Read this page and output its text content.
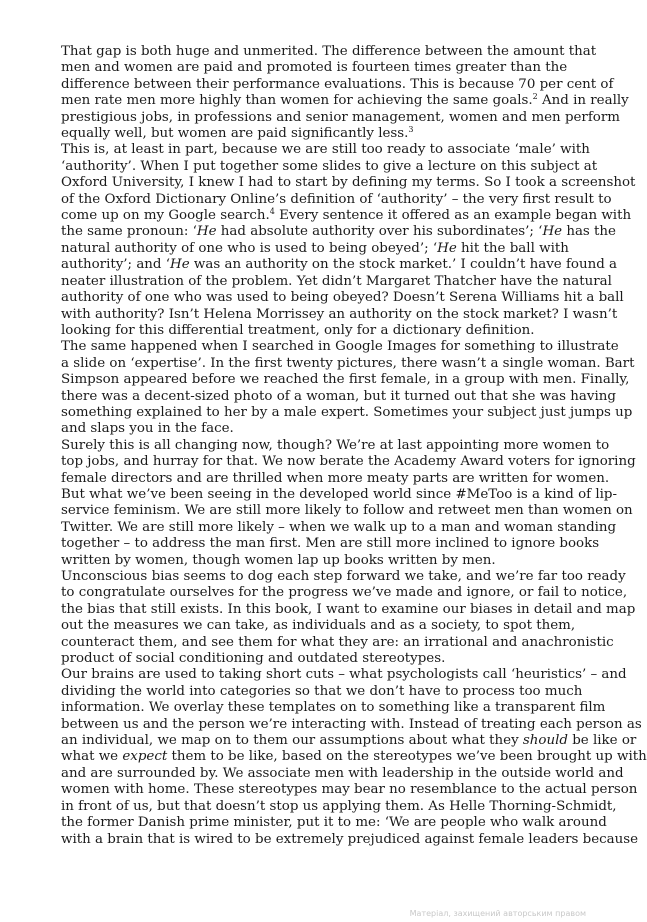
That gap is both huge and unmerited. The difference between the amount that
men and women are paid and promoted is fourteen times greater than the
difference between their performance evaluations. This is because 70 per cent of
men rate men more highly than women for achieving the same goals.$^2$ And in really
prestigious jobs, in professions and senior management, women and men perform
equally well, but women are paid significantly less.$^3$

This is, at least in part, because we are still too ready to associate ‘male’ with
‘authority’. When I put together some slides to give a lecture on this subject at
Oxford University, I knew I had to start by defining my terms. So I took a screenshot
of the Oxford Dictionary Online’s definition of ‘authority’ – the very first result to
come up on my Google search.$^4$ Every sentence it offered as an example began with
the same pronoun: ‘He had absolute authority over his subordinates’; ‘He has the
natural authority of one who is used to being obeyed’; ‘He hit the ball with
authority’; and ‘He was an authority on the stock market.’ I couldn’t have found a
neater illustration of the problem. Yet didn’t Margaret Thatcher have the natural
authority of one who was used to being obeyed? Doesn’t Serena Williams hit a ball
with authority? Isn’t Helena Morrissey an authority on the stock market? I wasn’t
looking for this differential treatment, only for a dictionary definition.

The same happened when I searched in Google Images for something to illustrate
a slide on ‘expertise’. In the first twenty pictures, there wasn’t a single woman. Bart
Simpson appeared before we reached the first female, in a group with men. Finally,
there was a decent-sized photo of a woman, but it turned out that she was having
something explained to her by a male expert. Sometimes your subject just jumps up
and slaps you in the face.

Surely this is all changing now, though? We’re at last appointing more women to
top jobs, and hurray for that. We now berate the Academy Award voters for ignoring
female directors and are thrilled when more meaty parts are written for women.
But what we’ve been seeing in the developed world since #MeToo is a kind of lip-
service feminism. We are still more likely to follow and retweet men than women on
Twitter. We are still more likely – when we walk up to a man and woman standing
together – to address the man first. Men are still more inclined to ignore books
written by women, though women lap up books written by men.

Unconscious bias seems to dog each step forward we take, and we’re far too ready
to congratulate ourselves for the progress we’ve made and ignore, or fail to notice,
the bias that still exists. In this book, I want to examine our biases in detail and map
out the measures we can take, as individuals and as a society, to spot them,
counteract them, and see them for what they are: an irrational and anachronistic
product of social conditioning and outdated stereotypes.

Our brains are used to taking short cuts – what psychologists call ‘heuristics’ – and
dividing the world into categories so that we don’t have to process too much
information. We overlay these templates on to something like a transparent film
between us and the person we’re interacting with. Instead of treating each person as
an individual, we map on to them our assumptions about what they should be like or
what we expect them to be like, based on the stereotypes we’ve been brought up with
and are surrounded by. We associate men with leadership in the outside world and
women with home. These stereotypes may bear no resemblance to the actual person
in front of us, but that doesn’t stop us applying them. As Helle Thorning-Schmidt,
the former Danish prime minister, put it to me: ‘We are people who walk around
with a brain that is wired to be extremely prejudiced against female leaders because

Матеріал, захищений авторським правом
